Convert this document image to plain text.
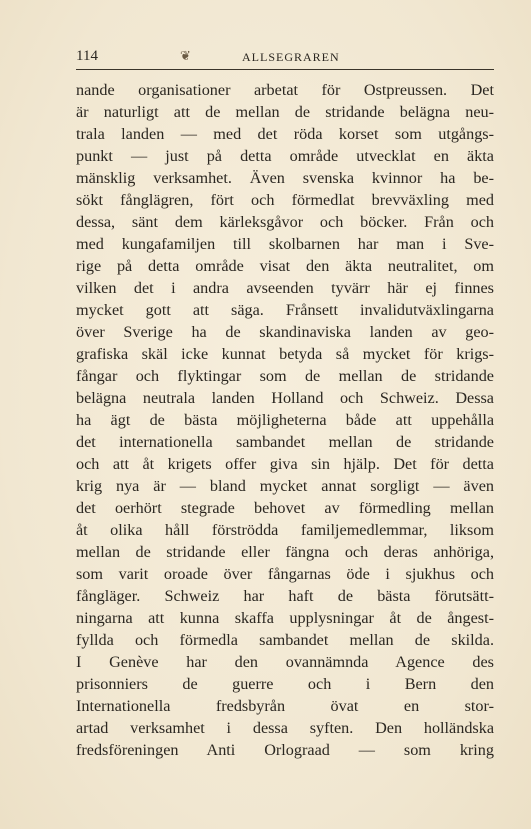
114	❦	ALLSEGRAREN
nande organisationer arbetat för Ostpreussen. Det
är naturligt att de mellan de stridande belägna neu-
trala landen — med det röda korset som utgångs-
punkt — just på detta område utvecklat en äkta
mänsklig verksamhet. Även svenska kvinnor ha be-
sökt fånglägren, fört och förmedlat brevväxling med
dessa, sänt dem kärleksgåvor och böcker. Från och
med kungafamiljen till skolbarnen har man i Sve-
rige på detta område visat den äkta neutralitet, om
vilken det i andra avseenden tyvärr här ej finnes
mycket gott att säga. Frånsett invalidutväxlingarna
över Sverige ha de skandinaviska landen av geo-
grafiska skäl icke kunnat betyda så mycket för krigs-
fångar och flyktingar som de mellan de stridande
belägna neutrala landen Holland och Schweiz. Dessa
ha ägt de bästa möjligheterna både att uppehålla
det internationella sambandet mellan de stridande
och att åt krigets offer giva sin hjälp. Det för detta
krig nya är — bland mycket annat sorgligt — även
det oerhört stegrade behovet av förmedling mellan
åt olika håll förströdda familjemedlemmar, liksom
mellan de stridande eller fängna och deras anhöriga,
som varit oroade över fångarnas öde i sjukhus och
fångläger. Schweiz har haft de bästa förutsätt-
ningarna att kunna skaffa upplysningar åt de ångest-
fyllda och förmedla sambandet mellan de skilda.
I Genève har den ovannämnda Agence des
prisonniers de guerre och i Bern den
Internationella fredsbyrån övat en stor-
artad verksamhet i dessa syften. Den holländska
fredsföreningen Anti Orlograad — som kring
